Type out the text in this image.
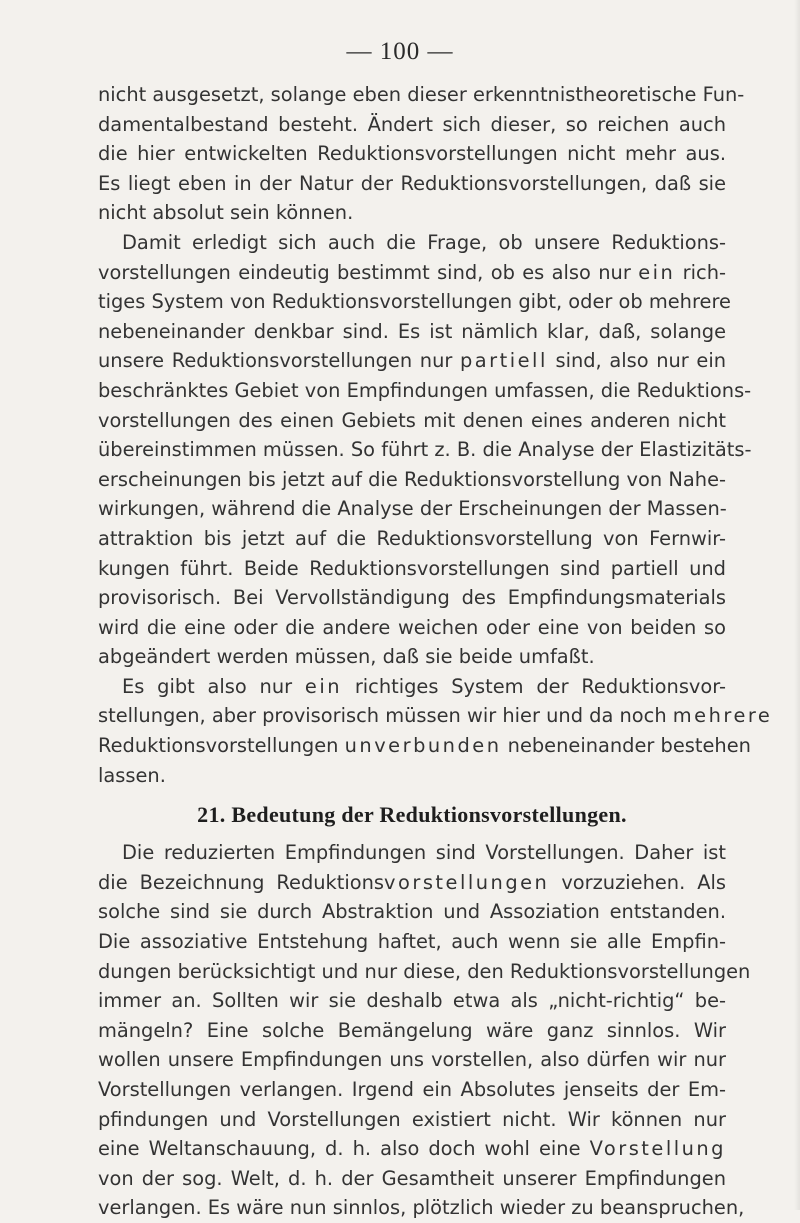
— 100 —
nicht ausgesetzt, solange eben dieser erkenntnistheoretische Fun-
damentalbestand besteht. Ändert sich dieser, so reichen auch
die hier entwickelten Reduktionsvorstellungen nicht mehr aus.
Es liegt eben in der Natur der Reduktionsvorstellungen, daß sie
nicht absolut sein können.
Damit erledigt sich auch die Frage, ob unsere Reduktions-
vorstellungen eindeutig bestimmt sind, ob es also nur ein rich-
tiges System von Reduktionsvorstellungen gibt, oder ob mehrere
nebeneinander denkbar sind. Es ist nämlich klar, daß, solange
unsere Reduktionsvorstellungen nur partiell sind, also nur ein
beschränktes Gebiet von Empfindungen umfassen, die Reduktions-
vorstellungen des einen Gebiets mit denen eines anderen nicht
übereinstimmen müssen. So führt z. B. die Analyse der Elastizitäts-
erscheinungen bis jetzt auf die Reduktionsvorstellung von Nahe-
wirkungen, während die Analyse der Erscheinungen der Massen-
attraktion bis jetzt auf die Reduktionsvorstellung von Fernwir-
kungen führt. Beide Reduktionsvorstellungen sind partiell und
provisorisch. Bei Vervollständigung des Empfindungsmaterials
wird die eine oder die andere weichen oder eine von beiden so
abgeändert werden müssen, daß sie beide umfaßt.
Es gibt also nur ein richtiges System der Reduktionsvor-
stellungen, aber provisorisch müssen wir hier und da noch mehrere
Reduktionsvorstellungen unverbunden nebeneinander bestehen
lassen.
21. Bedeutung der Reduktionsvorstellungen.
Die reduzierten Empfindungen sind Vorstellungen. Daher ist
die Bezeichnung Reduktionsvorstellungen vorzuziehen. Als
solche sind sie durch Abstraktion und Assoziation entstanden.
Die assoziative Entstehung haftet, auch wenn sie alle Empfin-
dungen berücksichtigt und nur diese, den Reduktionsvorstellungen
immer an. Sollten wir sie deshalb etwa als „nicht-richtig“ be-
mängeln? Eine solche Bemängelung wäre ganz sinnlos. Wir
wollen unsere Empfindungen uns vorstellen, also dürfen wir nur
Vorstellungen verlangen. Irgend ein Absolutes jenseits der Em-
pfindungen und Vorstellungen existiert nicht. Wir können nur
eine Weltanschauung, d. h. also doch wohl eine Vorstellung
von der sog. Welt, d. h. der Gesamtheit unserer Empfindungen
verlangen. Es wäre nun sinnlos, plötzlich wieder zu beanspruchen,
